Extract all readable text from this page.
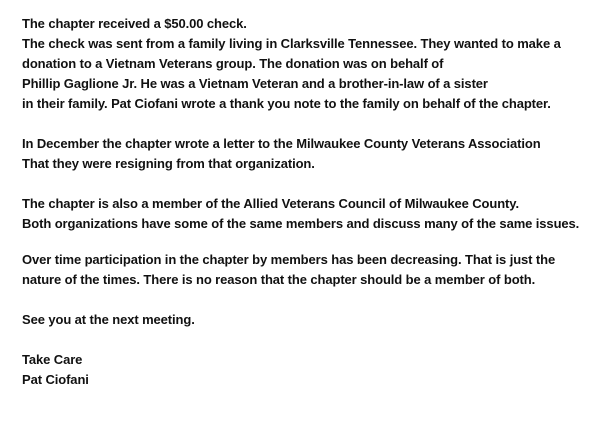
The chapter received a $50.00 check.
The check was sent from a family living in Clarksville Tennessee. They wanted to make a
donation to a Vietnam Veterans group. The donation was on behalf of
Phillip Gaglione Jr. He was a Vietnam Veteran and a brother-in-law of a sister
in their family. Pat Ciofani wrote a thank you note to the family on behalf of the chapter.
In December the chapter wrote a letter to the Milwaukee County Veterans Association
That they were resigning from that organization.
The chapter is also a member of the Allied Veterans Council of Milwaukee County.
Both organizations have some of the same members and discuss many of the same issues.
Over time participation in the chapter by members has been decreasing. That is just the
nature of the times. There is no reason that the chapter should be a member of both.
See you at the next meeting.
Take Care
Pat Ciofani
